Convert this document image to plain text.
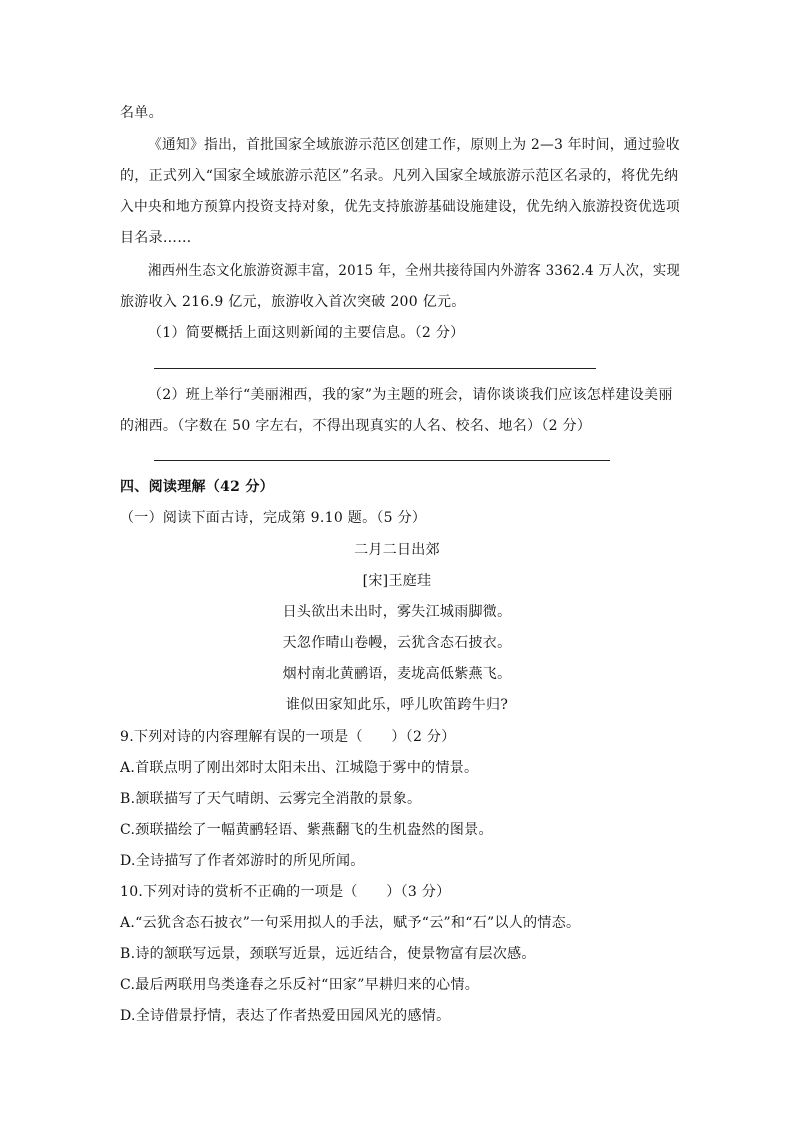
名单。
《通知》指出，首批国家全域旅游示范区创建工作，原则上为 2—3 年时间，通过验收
的，正式列入“国家全域旅游示范区”名录。凡列入国家全域旅游示范区名录的，将优先纳
入中央和地方预算内投资支持对象，优先支持旅游基础设施建设，优先纳入旅游投资优选项
目名录……
湘西州生态文化旅游资源丰富，2015 年，全州共接待国内外游客 3362.4 万人次，实现
旅游收入 216.9 亿元，旅游收入首次突破 200 亿元。
（1）简要概括上面这则新闻的主要信息。（2 分）
（2）班上举行“美丽湘西，我的家”为主题的班会，请你谈谈我们应该怎样建设美丽
的湘西。（字数在 50 字左右，不得出现真实的人名、校名、地名）（2 分）
四、阅读理解（42 分）
（一）阅读下面古诗，完成第 9.10 题。（5 分）
二月二日出郊
[宋]王庭珪
日头欲出未出时，雾失江城雨脚微。
天忽作晴山卷幔，云犹含态石披衣。
烟村南北黄鹂语，麦垅高低紫燕飞。
谁似田家知此乐，呼儿吹笛跨牛归?
9.下列对诗的内容理解有误的一项是（　　）（2 分）
A.首联点明了刚出郊时太阳未出、江城隐于雾中的情景。
B.颔联描写了天气晴朗、云雾完全消散的景象。
C.颈联描绘了一幅黄鹂轻语、紫燕翻飞的生机盎然的图景。
D.全诗描写了作者郊游时的所见所闻。
10.下列对诗的赏析不正确的一项是（　　）（3 分）
A.“云犹含态石披衣”一句采用拟人的手法，赋予“云”和“石”以人的情态。
B.诗的颔联写远景，颈联写近景，远近结合，使景物富有层次感。
C.最后两联用鸟类逢春之乐反衬“田家”早耕归来的心情。
D.全诗借景抒情，表达了作者热爱田园风光的感情。
